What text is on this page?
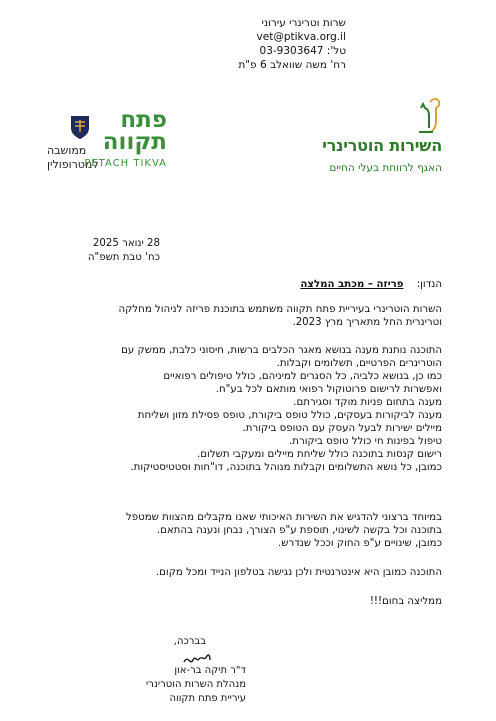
שרות וטרינרי עירוני
vet@ptikva.org.il
טל': 03-9303647
רח' משה שוואלב 6 פ"ת
השירות הוטרינרי
האגף לרווחת בעלי החיים
פתח
תקווה
ממושבה
למטרופולין
PETACH TIKVA
28 ינואר 2025
כח' טבת תשפ"ה
הנדון: פריזה – מכתב המלצה
השרות הוטרינרי בעיריית פתח תקווה משתמש בתוכנת פריזה לניהול מחלקה
וטרינרית החל מתאריך מרץ 2023.
התוכנה נותנת מענה בנושא מאגר הכלבים ברשות, חיסוני כלבת, ממשק עם
הוטרינרים הפרטיים, תשלומים וקבלות.
כמו כן, בנושא כלביה, כל הסגרים למיניהם, כולל טיפולים רפואיים
ואפשרות לרישום פרוטוקול רפואי מותאם לכל בע"ח.
מענה בתחום פניות מוקד וסגירתם.
מענה לביקורות בעסקים, כולל טופס ביקורת, טופס פסילת מזון ושליחת
מיילים ישירות לבעל העסק עם הטופס ביקורת.
טיפול בפינות חי כולל טופס ביקורת.
רישום קנסות בתוכנה כולל שליחת מיילים ומעקבי תשלום.
כמובן, כל נושא התשלומים וקבלות מנוהל בתוכנה, דו"חות וסטטיסטיקות.
במיוחד ברצוני להדגיש את השירות האיכותי שאנו מקבלים מהצוות שמטפל
בתוכנה וכל בקשה לשינוי, תוספת ע"פ הצורך, נבחן ונענה בהתאם.
כמובן, שינויים ע"פ החוק וככל שנדרש.
התוכנה כמובן היא אינטרנטית ולכן נגישה בטלפון הנייד ומכל מקום.
ממליצה בחום!!!
בברכה,
ד"ר תיקה בר-און
מנהלת השרות הוטרינרי
עיריית פתח תקווה
